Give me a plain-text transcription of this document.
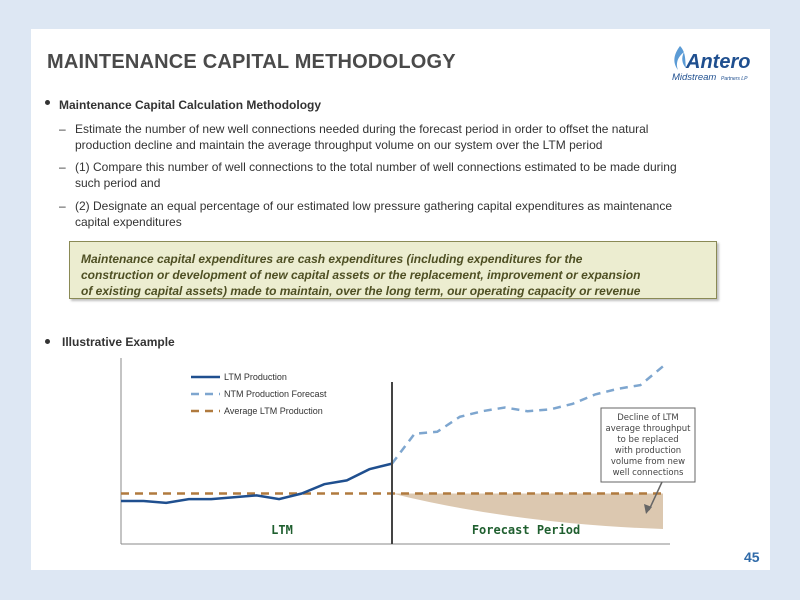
MAINTENANCE CAPITAL METHODOLOGY	Antero
Midstream Partners LP
Maintenance Capital Calculation Methodology
– Estimate the number of new well connections needed during the forecast period in order to offset the natural
production decline and maintain the average throughput volume on our system over the LTM period
– (1) Compare this number of well connections to the total number of well connections estimated to be made during
such period and
– (2) Designate an equal percentage of our estimated low pressure gathering capital expenditures as maintenance
capital expenditures
Maintenance capital expenditures are cash expenditures (including expenditures for the
construction or development of new capital assets or the replacement, improvement or expansion
of existing capital assets) made to maintain, over the long term, our operating capacity or revenue
Illustrative Example
LTM Production
NTM Production Forecast
Average LTM Production
LTM	Forecast Period
Decline of LTM average throughput to be replaced with production volume from new well connections
45
